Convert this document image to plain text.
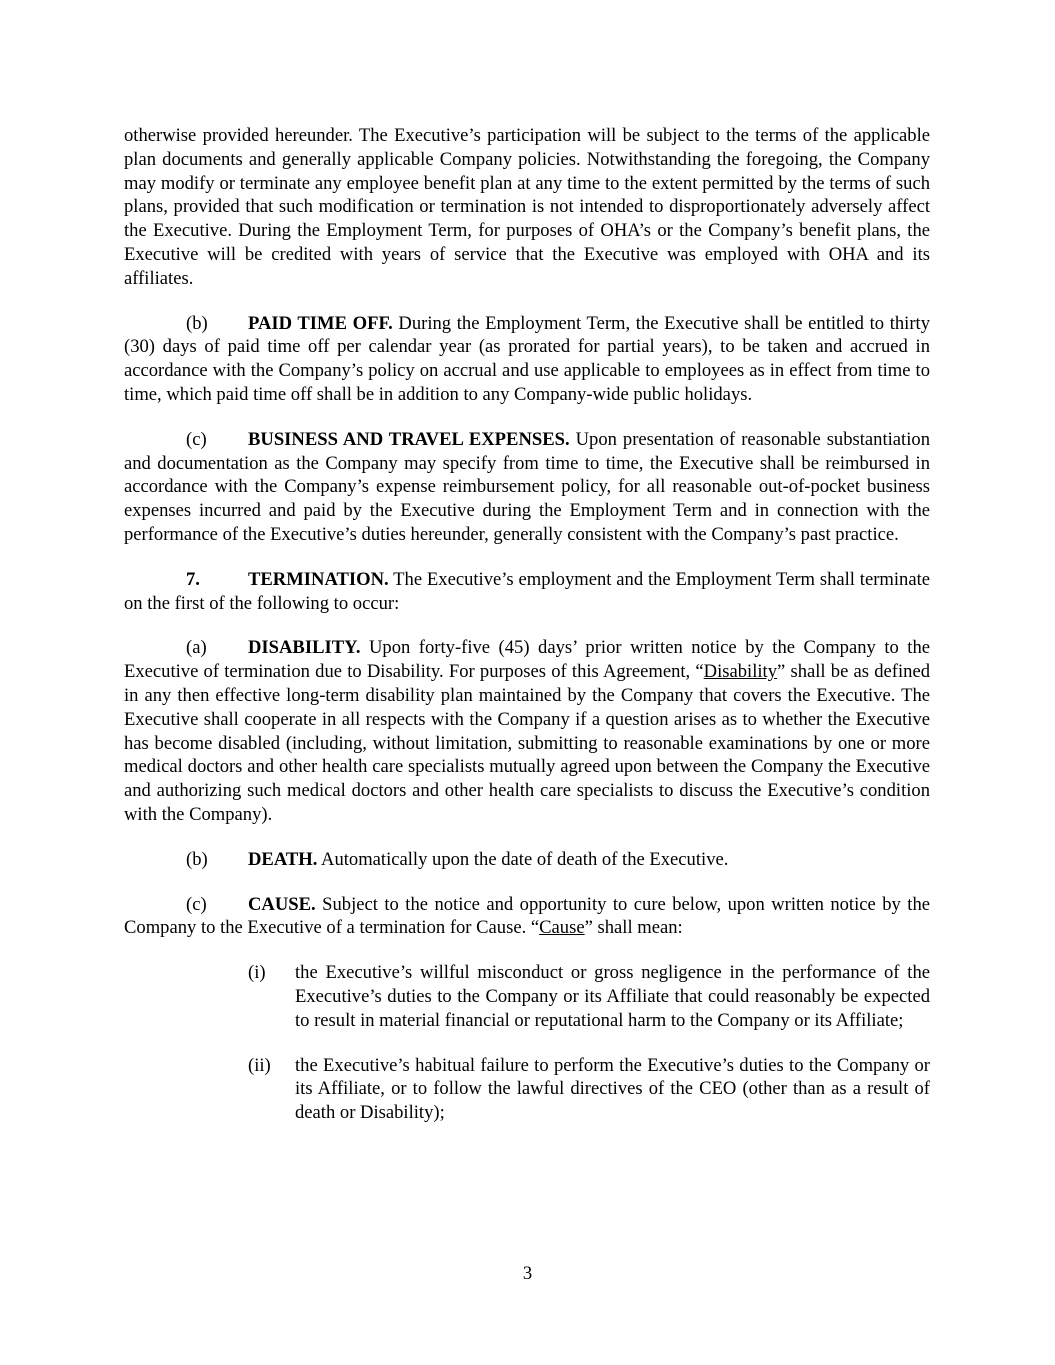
otherwise provided hereunder. The Executive’s participation will be subject to the terms of the applicable plan documents and generally applicable Company policies. Notwithstanding the foregoing, the Company may modify or terminate any employee benefit plan at any time to the extent permitted by the terms of such plans, provided that such modification or termination is not intended to disproportionately adversely affect the Executive. During the Employment Term, for purposes of OHA’s or the Company’s benefit plans, the Executive will be credited with years of service that the Executive was employed with OHA and its affiliates.

(b) PAID TIME OFF. During the Employment Term, the Executive shall be entitled to thirty (30) days of paid time off per calendar year (as prorated for partial years), to be taken and accrued in accordance with the Company’s policy on accrual and use applicable to employees as in effect from time to time, which paid time off shall be in addition to any Company-wide public holidays.

(c) BUSINESS AND TRAVEL EXPENSES. Upon presentation of reasonable substantiation and documentation as the Company may specify from time to time, the Executive shall be reimbursed in accordance with the Company’s expense reimbursement policy, for all reasonable out-of-pocket business expenses incurred and paid by the Executive during the Employment Term and in connection with the performance of the Executive’s duties hereunder, generally consistent with the Company’s past practice.

7.	TERMINATION. The Executive’s employment and the Employment Term shall terminate on the first of the following to occur:

(a) DISABILITY. Upon forty-five (45) days’ prior written notice by the Company to the Executive of termination due to Disability. For purposes of this Agreement, “Disability” shall be as defined in any then effective long-term disability plan maintained by the Company that covers the Executive. The Executive shall cooperate in all respects with the Company if a question arises as to whether the Executive has become disabled (including, without limitation, submitting to reasonable examinations by one or more medical doctors and other health care specialists mutually agreed upon between the Company the Executive and authorizing such medical doctors and other health care specialists to discuss the Executive’s condition with the Company).

(b) DEATH. Automatically upon the date of death of the Executive.

(c) CAUSE. Subject to the notice and opportunity to cure below, upon written notice by the Company to the Executive of a termination for Cause. “Cause” shall mean:

(i) the Executive’s willful misconduct or gross negligence in the performance of the Executive’s duties to the Company or its Affiliate that could reasonably be expected to result in material financial or reputational harm to the Company or its Affiliate;
(ii) the Executive’s habitual failure to perform the Executive’s duties to the Company or its Affiliate, or to follow the lawful directives of the CEO (other than as a result of death or Disability);
3
